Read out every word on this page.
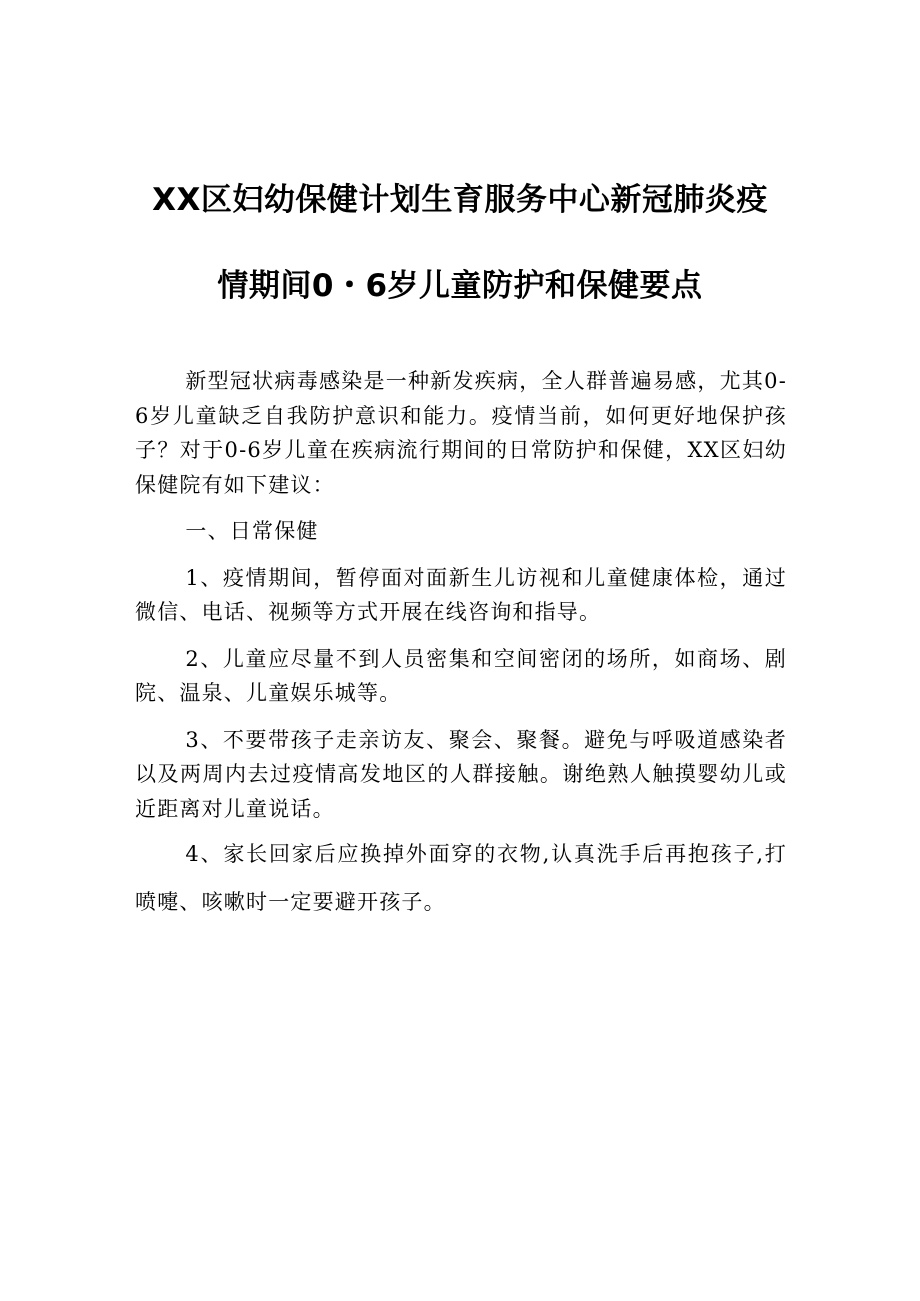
XX区妇幼保健计划生育服务中心新冠肺炎疫
情期间0・6岁儿童防护和保健要点

新型冠状病毒感染是一种新发疾病，全人群普遍易感，尤其0-6岁儿童缺乏自我防护意识和能力。疫情当前，如何更好地保护孩子？对于0-6岁儿童在疾病流行期间的日常防护和保健，XX区妇幼保健院有如下建议：

一、日常保健

1、疫情期间，暂停面对面新生儿访视和儿童健康体检，通过微信、电话、视频等方式开展在线咨询和指导。

2、儿童应尽量不到人员密集和空间密闭的场所，如商场、剧院、温泉、儿童娱乐城等。

3、不要带孩子走亲访友、聚会、聚餐。避免与呼吸道感染者以及两周内去过疫情高发地区的人群接触。谢绝熟人触摸婴幼儿或近距离对儿童说话。

4、家长回家后应换掉外面穿的衣物,认真洗手后再抱孩子,打喷嚏、咳嗽时一定要避开孩子。
